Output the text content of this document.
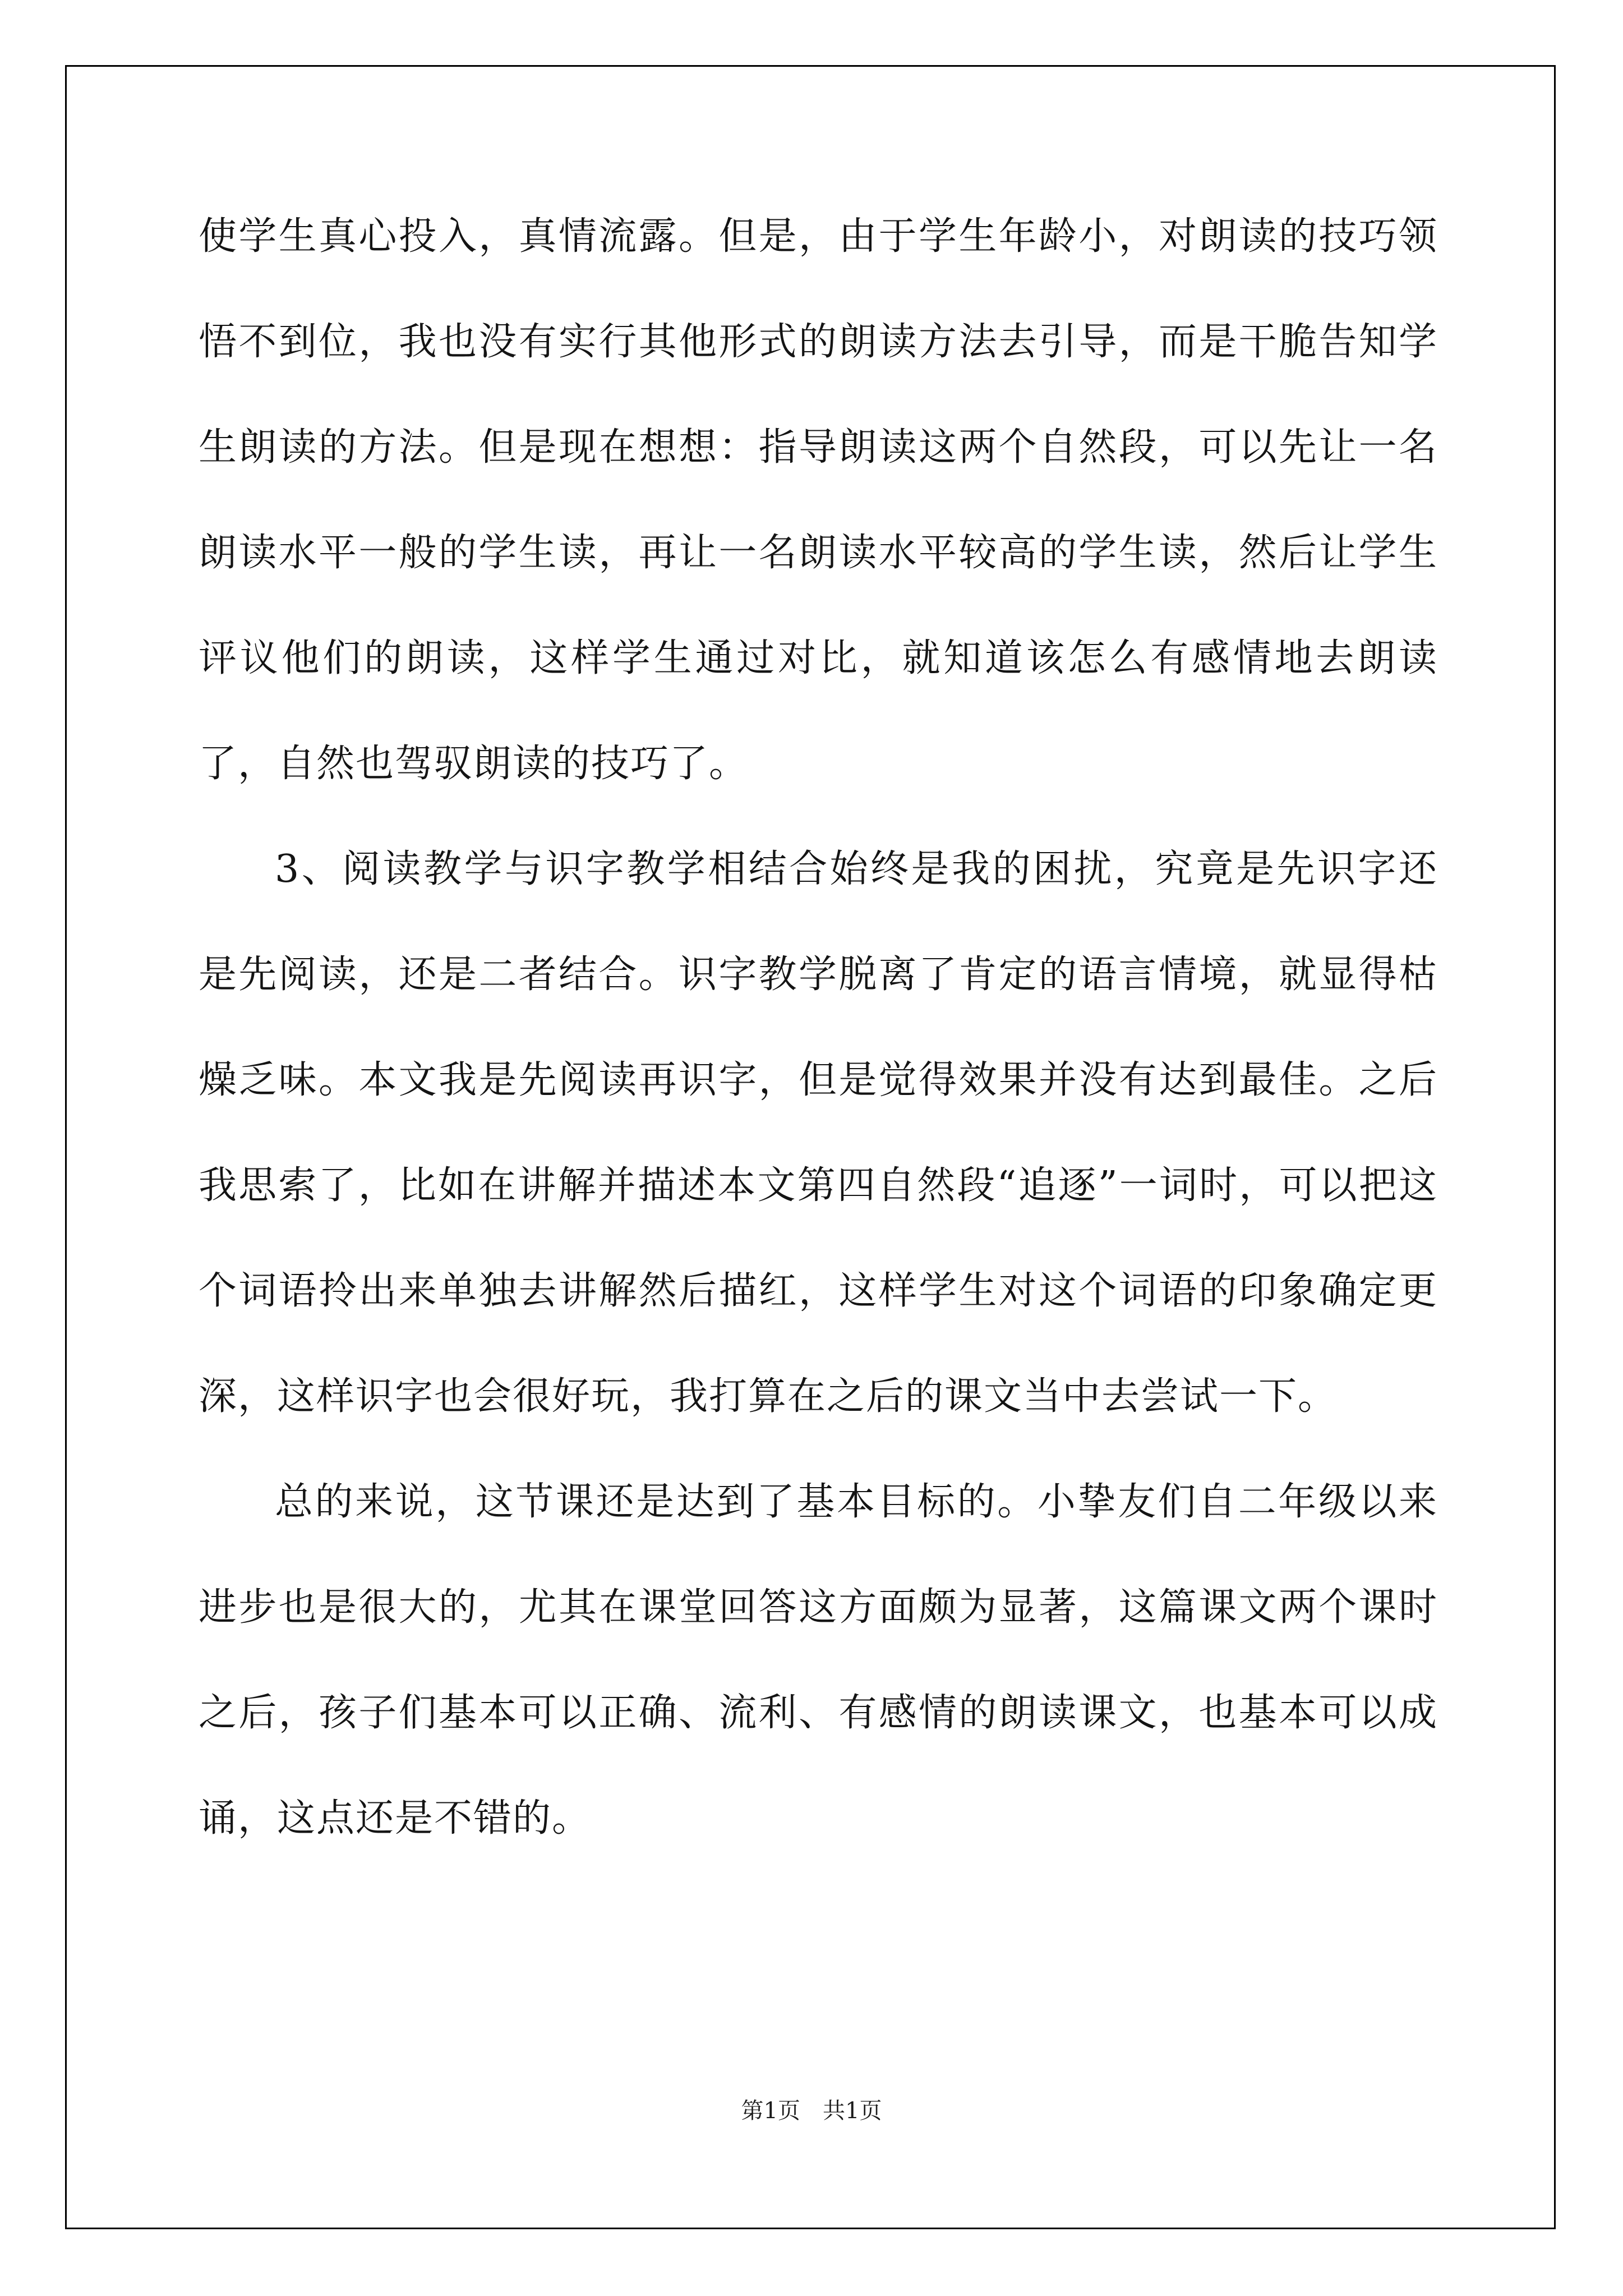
使学生真心投入，真情流露。但是，由于学生年龄小，对朗读的技巧领悟不到位，我也没有实行其他形式的朗读方法去引导，而是干脆告知学生朗读的方法。但是现在想想：指导朗读这两个自然段，可以先让一名朗读水平一般的学生读，再让一名朗读水平较高的学生读，然后让学生评议他们的朗读，这样学生通过对比，就知道该怎么有感情地去朗读了，自然也驾驭朗读的技巧了。

3、阅读教学与识字教学相结合始终是我的困扰，究竟是先识字还是先阅读，还是二者结合。识字教学脱离了肯定的语言情境，就显得枯燥乏味。本文我是先阅读再识字，但是觉得效果并没有达到最佳。之后我思索了，比如在讲解并描述本文第四自然段“追逐”一词时，可以把这个词语拎出来单独去讲解然后描红，这样学生对这个词语的印象确定更深，这样识字也会很好玩，我打算在之后的课文当中去尝试一下。

总的来说，这节课还是达到了基本目标的。小挚友们自二年级以来进步也是很大的，尤其在课堂回答这方面颇为显著，这篇课文两个课时之后，孩子们基本可以正确、流利、有感情的朗读课文，也基本可以成诵，这点还是不错的。

第1页 共1页
